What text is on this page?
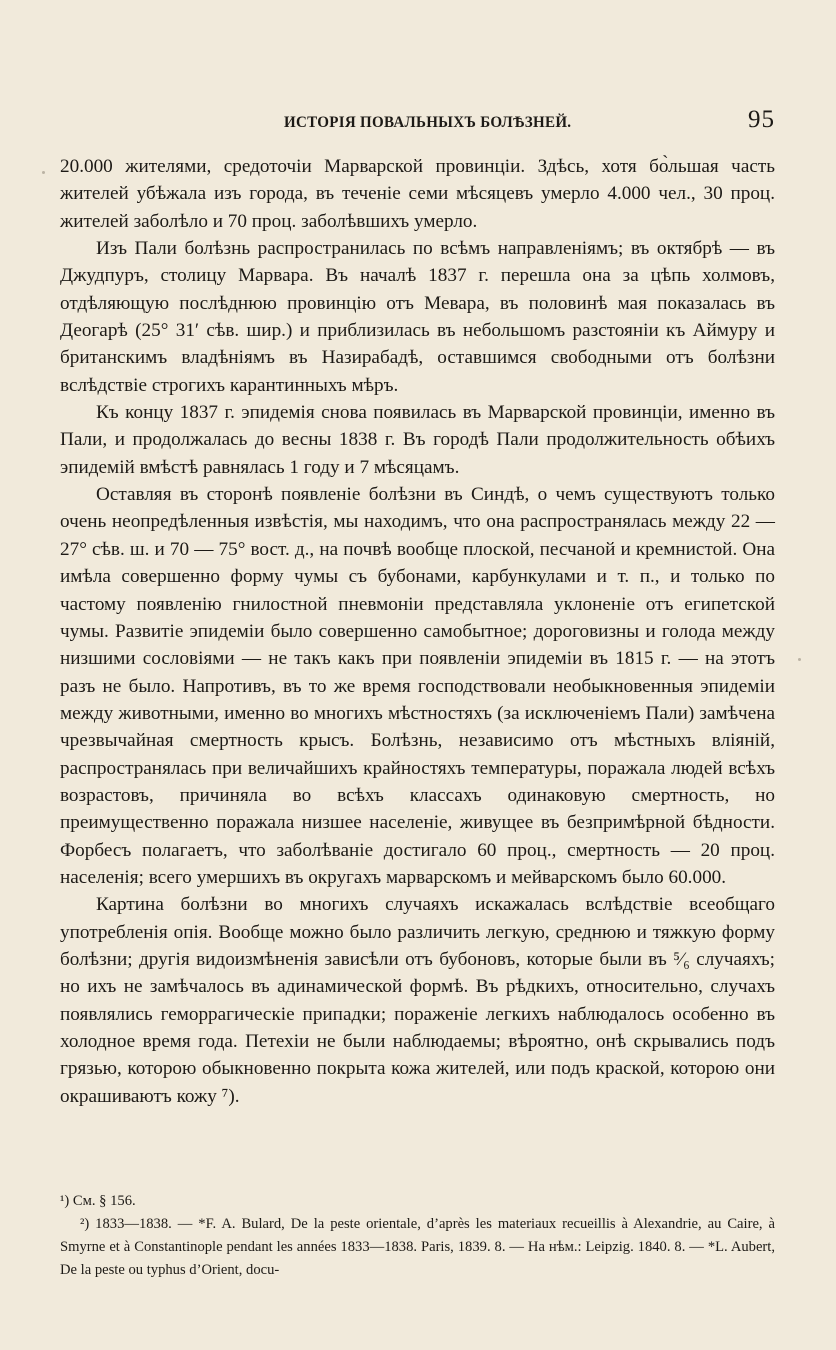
ИСТОРІЯ ПОВАЛЬНЫХЪ БОЛѢЗНЕЙ.	95

20.000 жителями, средоточіи Марварской провинціи. Здѣсь, хотя бо̀льшая часть жителей убѣжала изъ города, въ теченіе семи мѣсяцевъ умерло 4.000 чел., 30 проц. жителей заболѣло и 70 проц. заболѣвшихъ умерло.

Изъ Пали болѣзнь распространилась по всѣмъ направленіямъ; въ октябрѣ — въ Джудпуръ, столицу Марвара. Въ началѣ 1837 г. перешла она за цѣпь холмовъ, отдѣляющую послѣднюю провинцію отъ Мевара, въ половинѣ мая показалась въ Деогарѣ (25° 31′ сѣв. шир.) и приблизилась въ небольшомъ разстояніи къ Аймуру и британскимъ владѣніямъ въ Назирабадѣ, оставшимся свободными отъ болѣзни вслѣдствіе строгихъ карантинныхъ мѣръ.

Къ концу 1837 г. эпидемія снова появилась въ Марварской провинціи, именно въ Пали, и продолжалась до весны 1838 г. Въ городѣ Пали продолжительность обѣихъ эпидемій вмѣстѣ равнялась 1 году и 7 мѣсяцамъ.

Оставляя въ сторонѣ появленіе болѣзни въ Синдѣ, о чемъ существуютъ только очень неопредѣленныя извѣстія, мы находимъ, что она распространялась между 22 — 27° сѣв. ш. и 70 — 75° вост. д., на почвѣ вообще плоской, песчаной и кремнистой. Она имѣла совершенно форму чумы съ бубонами, карбункулами и т. п., и только по частому появленію гнилостной пневмоніи представляла уклоненіе отъ египетской чумы. Развитіе эпидеміи было совершенно самобытное; дороговизны и голода между низшими сословіями — не такъ какъ при появленіи эпидеміи въ 1815 г. — на этотъ разъ не было. Напротивъ, въ то же время господствовали необыкновенныя эпидеміи между животными, именно во многихъ мѣстностяхъ (за исключеніемъ Пали) замѣчена чрезвычайная смертность крысъ. Болѣзнь, независимо отъ мѣстныхъ вліяній, распространялась при величайшихъ крайностяхъ температуры, поражала людей всѣхъ возрастовъ, причиняла во всѣхъ классахъ одинаковую смертность, но преимущественно поражала низшее населеніе, живущее въ безпримѣрной бѣдности. Форбесъ полагаетъ, что заболѣваніе достигало 60 проц., смертность — 20 проц. населенія; всего умершихъ въ округахъ марварскомъ и мейварскомъ было 60.000.

Картина болѣзни во многихъ случаяхъ искажалась вслѣдствіе всеобщаго употребленія опія. Вообще можно было различить легкую, среднюю и тяжкую форму болѣзни; другія видоизмѣненія зависѣли отъ бубоновъ, которые были въ ⁵⁄₆ случаяхъ; но ихъ не замѣчалось въ адинамической формѣ. Въ рѣдкихъ, относительно, случахъ появлялись геморрагическіе припадки; пораженіе легкихъ наблюдалось особенно въ холодное время года. Петехіи не были наблюдаемы; вѣроятно, онѣ скрывались подъ грязью, которою обыкновенно покрыта кожа жителей, или подъ краской, которою они окрашиваютъ кожу ⁷).

¹) См. § 156.

²) 1833—1838. — *F. A. Bulard, De la peste orientale, d’après les materiaux recueillis à Alexandrie, au Caire, à Smyrne et à Constantinople pendant les années 1833—1838. Paris, 1839. 8. — На нѣм.: Leipzig. 1840. 8. — *L. Aubert, De la peste ou typhus d’Orient, docu-
